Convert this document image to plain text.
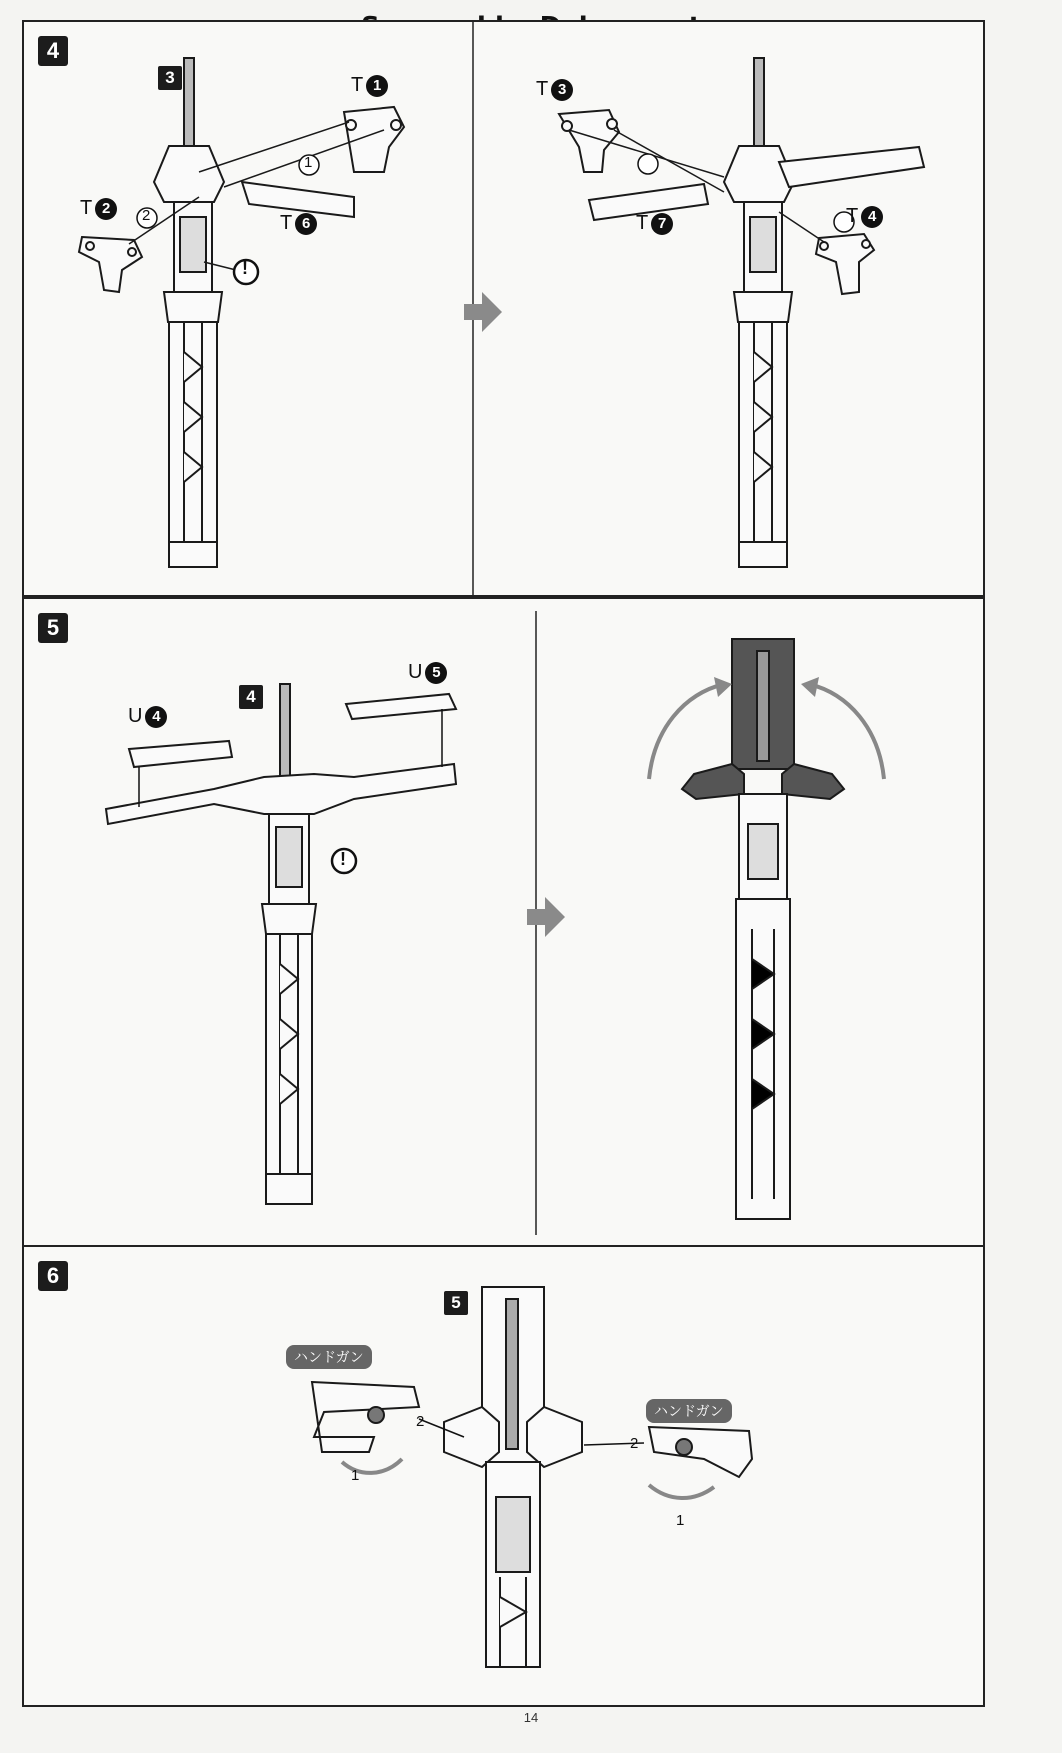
4
3	T 1
T 2
T 6
T 3
T 7	T 4
1
2
!
5
4
U 4
U 5
!
6
5
ハンドガン
ハンドガン
2
2
1
1
14
